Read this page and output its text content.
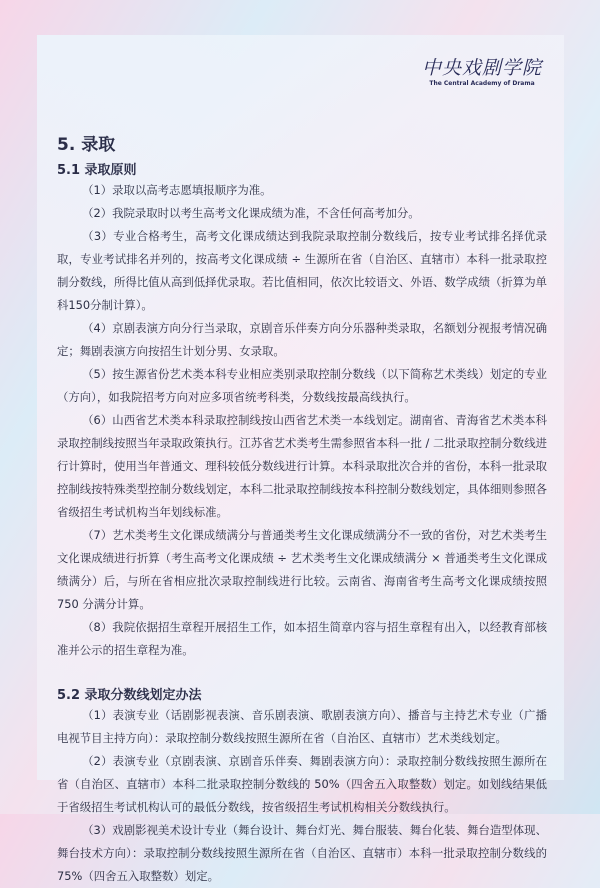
中央戏剧学院
The Central Academy of Drama
5. 录取
5.1 录取原则

（1）录取以高考志愿填报顺序为准。

（2）我院录取时以考生高考文化课成绩为准，不含任何高考加分。

（3）专业合格考生，高考文化课成绩达到我院录取控制分数线后，按专业考试排名择优录取，专业考试排名并列的，按高考文化课成绩 ÷ 生源所在省（自治区、直辖市）本科一批录取控制分数线，所得比值从高到低择优录取。若比值相同，依次比较语文、外语、数学成绩（折算为单科150分制计算）。

（4）京剧表演方向分行当录取，京剧音乐伴奏方向分乐器种类录取，名额划分视报考情况确定；舞剧表演方向按招生计划分男、女录取。

（5）按生源省份艺术类本科专业相应类别录取控制分数线（以下简称艺术类线）划定的专业（方向），如我院招考方向对应多项省统考科类，分数线按最高线执行。

（6）山西省艺术类本科录取控制线按山西省艺术类一本线划定。湖南省、青海省艺术类本科录取控制线按照当年录取政策执行。江苏省艺术类考生需参照省本科一批 / 二批录取控制分数线进行计算时，使用当年普通文、理科较低分数线进行计算。本科录取批次合并的省份，本科一批录取控制线按特殊类型控制分数线划定，本科二批录取控制线按本科控制分数线划定，具体细则参照各省级招生考试机构当年划线标准。

（7）艺术类考生文化课成绩满分与普通类考生文化课成绩满分不一致的省份，对艺术类考生文化课成绩进行折算（考生高考文化课成绩 ÷ 艺术类考生文化课成绩满分 × 普通类考生文化课成绩满分）后，与所在省相应批次录取控制线进行比较。云南省、海南省考生高考文化课成绩按照 750 分满分计算。

（8）我院依据招生章程开展招生工作，如本招生简章内容与招生章程有出入，以经教育部核准并公示的招生章程为准。

5.2 录取分数线划定办法

（1）表演专业（话剧影视表演、音乐剧表演、歌剧表演方向）、播音与主持艺术专业（广播电视节目主持方向）：录取控制分数线按照生源所在省（自治区、直辖市）艺术类线划定。

（2）表演专业（京剧表演、京剧音乐伴奏、舞剧表演方向）：录取控制分数线按照生源所在省（自治区、直辖市）本科二批录取控制分数线的 50%（四舍五入取整数）划定。如划线结果低于省级招生考试机构认可的最低分数线，按省级招生考试机构相关分数线执行。

（3）戏剧影视美术设计专业（舞台设计、舞台灯光、舞台服装、舞台化装、舞台造型体现、舞台技术方向）：录取控制分数线按照生源所在省（自治区、直辖市）本科一批录取控制分数线的 75%（四舍五入取整数）划定。
